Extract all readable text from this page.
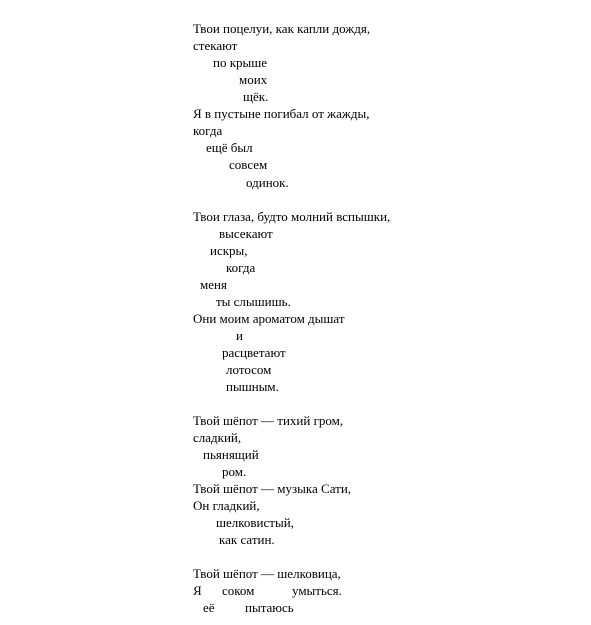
Твои поцелуи, как капли дождя,
стекают
по крыше
моих
щёк.
Я в пустыне погибал от жажды,
когда
ещё был
совсем
одинок.
Твои глаза, будто молний вспышки,
высекают
искры,
когда
меня
ты слышишь.
Они моим ароматом дышат
и
расцветают
лотосом
пышным.
Твой шёпот — тихий гром,
сладкий,
пьянящий
ром.
Твой шёпот — музыка Сати,
Он гладкий,
шелковистый,
как сатин.
Твой шёпот — шелковица,
Я соком	умыться.
её пытаюсь
